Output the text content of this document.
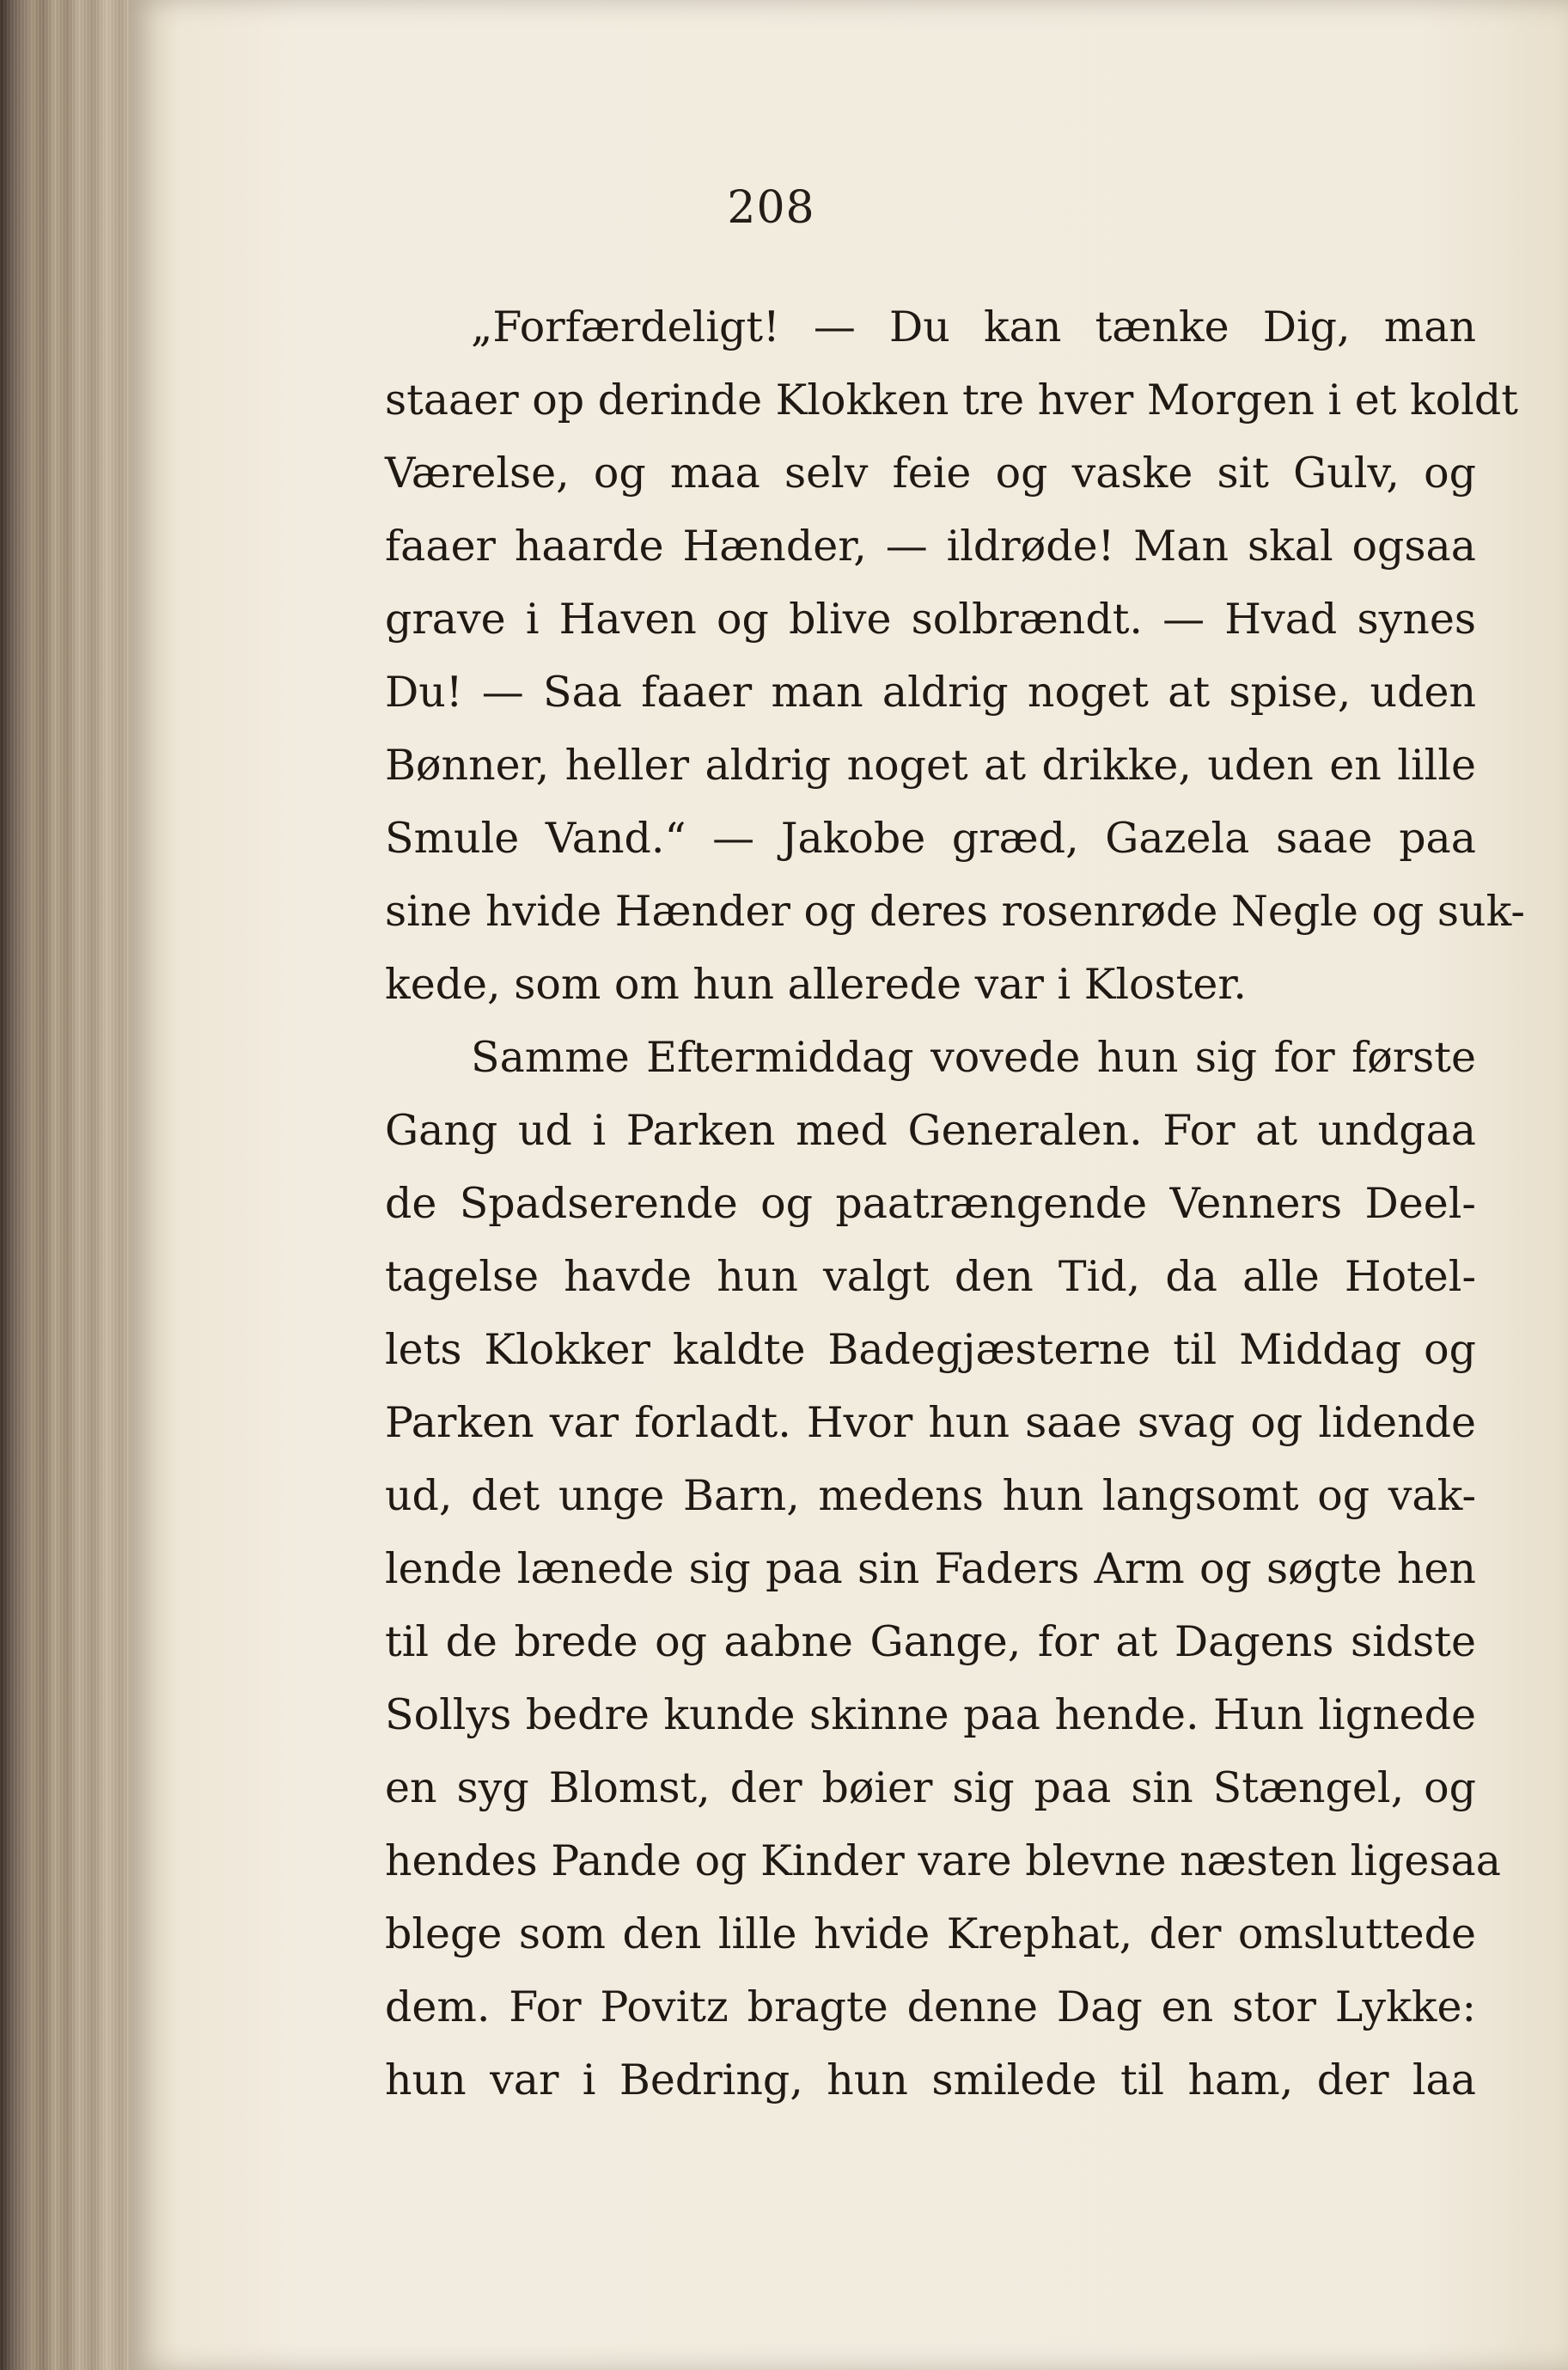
208
„Forfærdeligt! — Du kan tænke Dig, man
staaer op derinde Klokken tre hver Morgen i et koldt
Værelse, og maa selv feie og vaske sit Gulv, og
faaer haarde Hænder, — ildrøde! Man skal ogsaa
grave i Haven og blive solbrændt. — Hvad synes
Du! — Saa faaer man aldrig noget at spise, uden
Bønner, heller aldrig noget at drikke, uden en lille
Smule Vand.“ — Jakobe græd, Gazela saae paa
sine hvide Hænder og deres rosenrøde Negle og suk-
kede, som om hun allerede var i Kloster.
Samme Eftermiddag vovede hun sig for første
Gang ud i Parken med Generalen. For at undgaa
de Spadserende og paatrængende Venners Deel-
tagelse havde hun valgt den Tid, da alle Hotel-
lets Klokker kaldte Badegjæsterne til Middag og
Parken var forladt. Hvor hun saae svag og lidende
ud, det unge Barn, medens hun langsomt og vak-
lende lænede sig paa sin Faders Arm og søgte hen
til de brede og aabne Gange, for at Dagens sidste
Sollys bedre kunde skinne paa hende. Hun lignede
en syg Blomst, der bøier sig paa sin Stængel, og
hendes Pande og Kinder vare blevne næsten ligesaa
blege som den lille hvide Krephat, der omsluttede
dem. For Povitz bragte denne Dag en stor Lykke:
hun var i Bedring, hun smilede til ham, der laa
